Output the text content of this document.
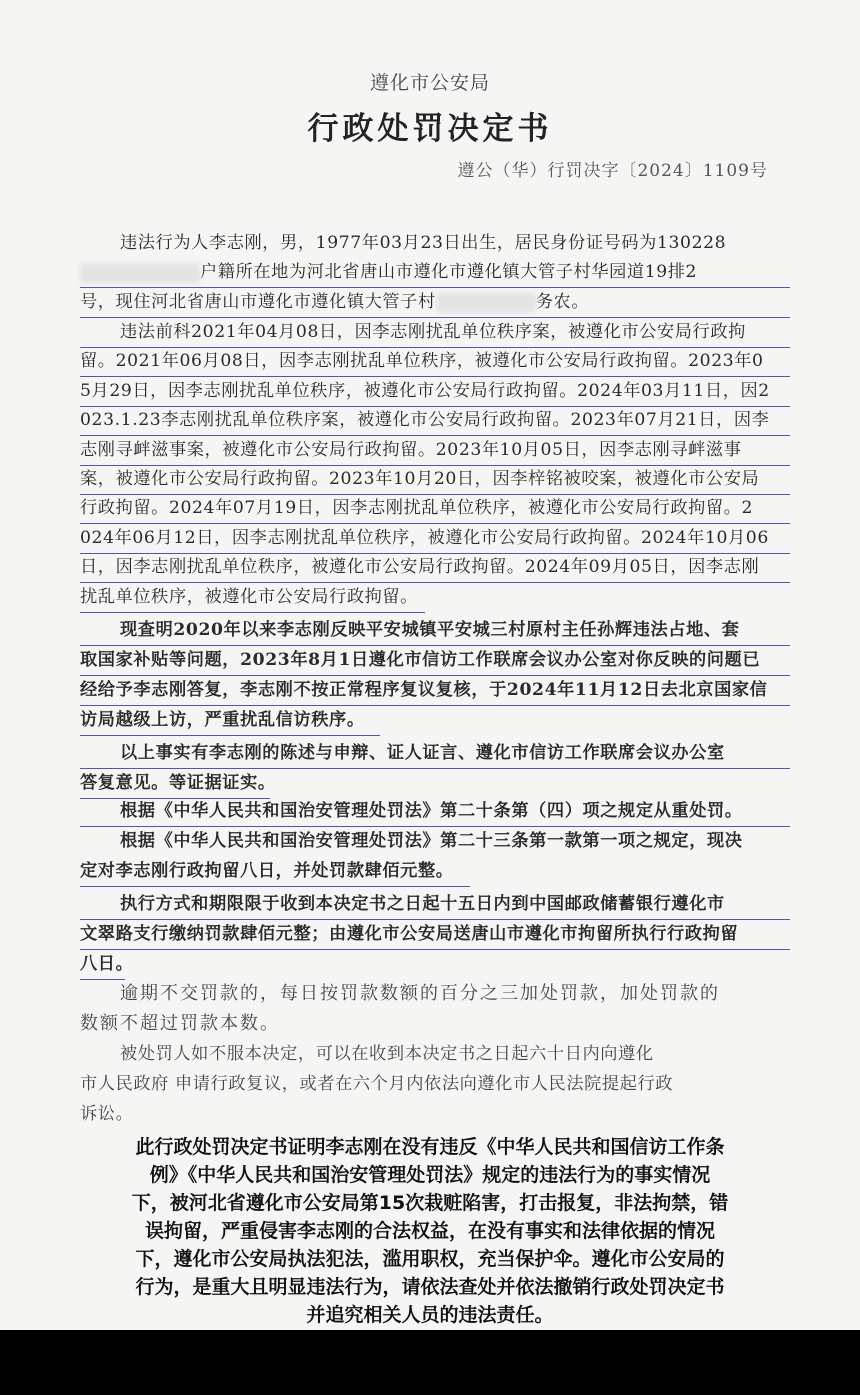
遵化市公安局
行政处罚决定书
遵公（华）行罚决字〔2024〕1109号
违法行为人李志刚，男，1977年03月23日出生，居民身份证号码为130228
户籍所在地为河北省唐山市遵化市遵化镇大管子村华园道19排2
号，现住河北省唐山市遵化市遵化镇大管子村	务农。
违法前科2021年04月08日，因李志刚扰乱单位秩序案，被遵化市公安局行政拘
留。2021年06月08日，因李志刚扰乱单位秩序，被遵化市公安局行政拘留。2023年0
5月29日，因李志刚扰乱单位秩序，被遵化市公安局行政拘留。2024年03月11日，因2
023.1.23李志刚扰乱单位秩序案，被遵化市公安局行政拘留。2023年07月21日，因李
志刚寻衅滋事案，被遵化市公安局行政拘留。2023年10月05日，因李志刚寻衅滋事
案，被遵化市公安局行政拘留。2023年10月20日，因李梓铭被咬案，被遵化市公安局
行政拘留。2024年07月19日，因李志刚扰乱单位秩序，被遵化市公安局行政拘留。2
024年06月12日，因李志刚扰乱单位秩序，被遵化市公安局行政拘留。2024年10月06
日，因李志刚扰乱单位秩序，被遵化市公安局行政拘留。2024年09月05日，因李志刚
扰乱单位秩序，被遵化市公安局行政拘留。
现查明2020年以来李志刚反映平安城镇平安城三村原村主任孙辉违法占地、套
取国家补贴等问题，2023年8月1日遵化市信访工作联席会议办公室对你反映的问题已
经给予李志刚答复，李志刚不按正常程序复议复核，于2024年11月12日去北京国家信
访局越级上访，严重扰乱信访秩序。
以上事实有李志刚的陈述与申辩、证人证言、遵化市信访工作联席会议办公室
答复意见。等证据证实。
根据《中华人民共和国治安管理处罚法》第二十条第（四）项之规定从重处罚。
根据《中华人民共和国治安管理处罚法》第二十三条第一款第一项之规定，现决
定对李志刚行政拘留八日，并处罚款肆佰元整。
执行方式和期限限于收到本决定书之日起十五日内到中国邮政储蓄银行遵化市
文翠路支行缴纳罚款肆佰元整；由遵化市公安局送唐山市遵化市拘留所执行行政拘留
八日。
逾期不交罚款的，每日按罚款数额的百分之三加处罚款，加处罚款的
数额不超过罚款本数。
被处罚人如不服本决定，可以在收到本决定书之日起六十日内向遵化
市人民政府 申请行政复议，或者在六个月内依法向遵化市人民法院提起行政
诉讼。
此行政处罚决定书证明李志刚在没有违反《中华人民共和国信访工作条
例》《中华人民共和国治安管理处罚法》规定的违法行为的事实情况
下，被河北省遵化市公安局第15次栽赃陷害，打击报复，非法拘禁，错
误拘留，严重侵害李志刚的合法权益，在没有事实和法律依据的情况
下，遵化市公安局执法犯法，滥用职权，充当保护伞。遵化市公安局的
行为，是重大且明显违法行为，请依法查处并依法撤销行政处罚决定书
并追究相关人员的违法责任。
